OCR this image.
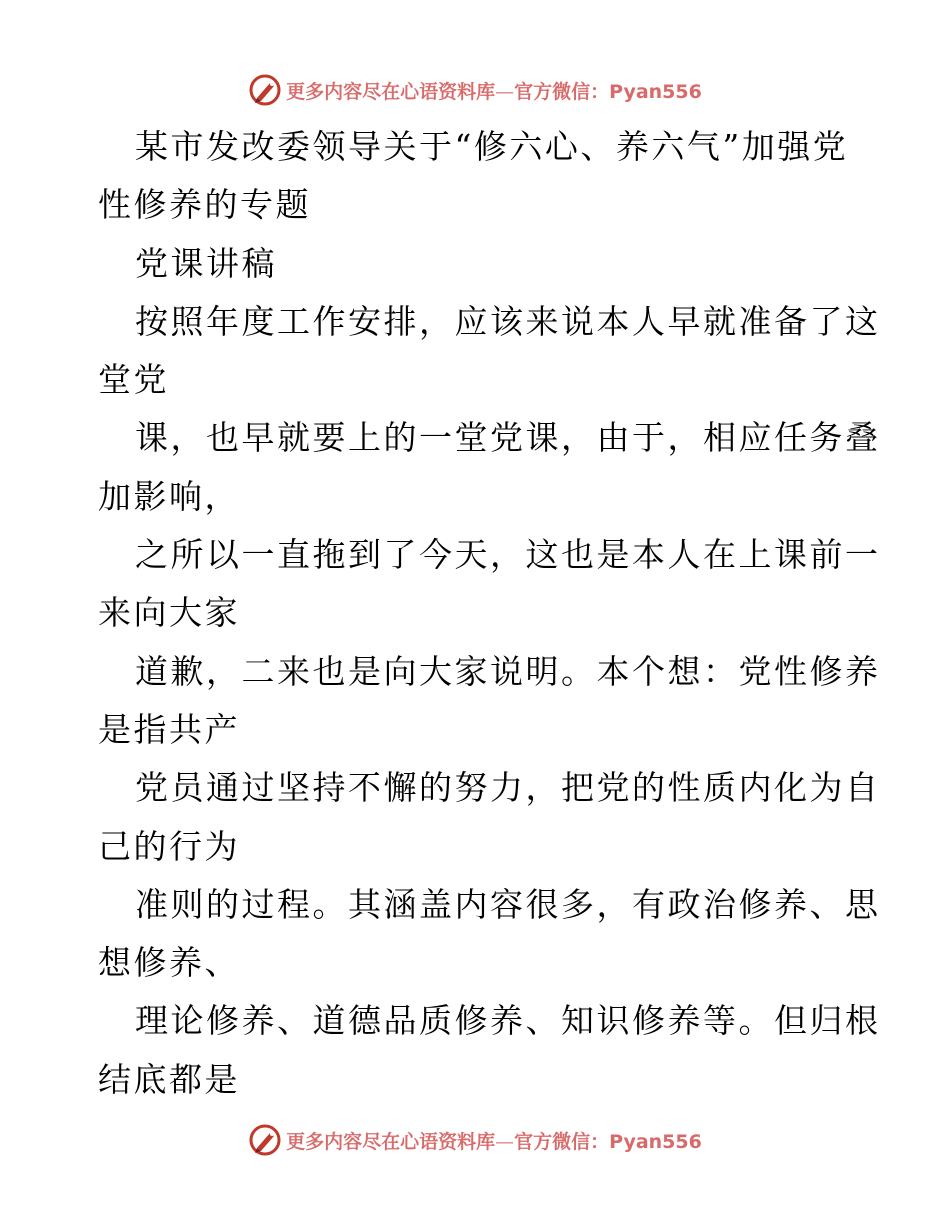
更多内容尽在心语资料库—官方微信：Pyan556
某市发改委领导关于“修六心、养六气”加强党
性修养的专题
党课讲稿
按照年度工作安排，应该来说本人早就准备了这
堂党
课，也早就要上的一堂党课，由于，相应任务叠
加影响，
之所以一直拖到了今天，这也是本人在上课前一
来向大家
道歉，二来也是向大家说明。本个想：党性修养
是指共产
党员通过坚持不懈的努力，把党的性质内化为自
己的行为
准则的过程。其涵盖内容很多，有政治修养、思
想修养、
理论修养、道德品质修养、知识修养等。但归根
结底都是
更多内容尽在心语资料库—官方微信：Pyan556
